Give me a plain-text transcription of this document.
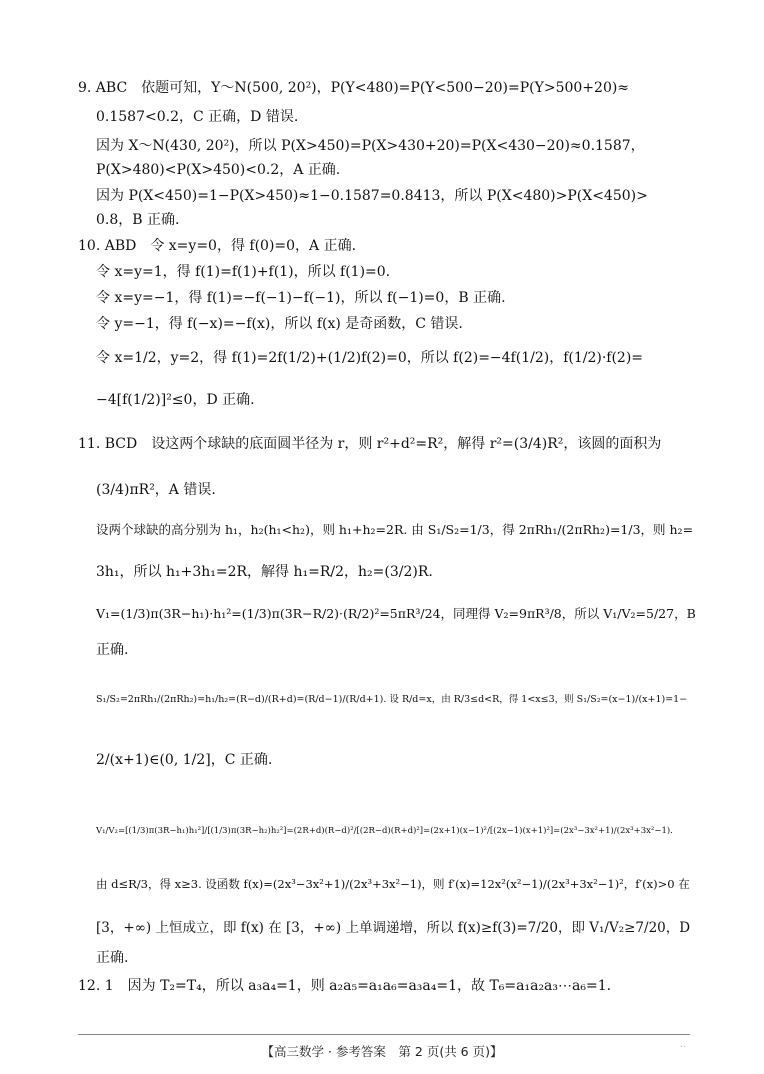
9. ABC　依题可知，Y～N(500, 20²)，P(Y<480)=P(Y<500−20)=P(Y>500+20)≈
0.1587<0.2，C 正确，D 错误.
因为 X～N(430, 20²)，所以 P(X>450)=P(X>430+20)=P(X<430−20)≈0.1587，
P(X>480)<P(X>450)<0.2，A 正确.
因为 P(X<450)=1−P(X>450)≈1−0.1587=0.8413，所以 P(X<480)>P(X<450)>
0.8，B 正确.
10. ABD　令 x=y=0，得 f(0)=0，A 正确.
令 x=y=1，得 f(1)=f(1)+f(1)，所以 f(1)=0.
令 x=y=−1，得 f(1)=−f(−1)−f(−1)，所以 f(−1)=0，B 正确.
令 y=−1，得 f(−x)=−f(x)，所以 f(x) 是奇函数，C 错误.
令 x=1/2，y=2，得 f(1)=2f(1/2)+(1/2)f(2)=0，所以 f(2)=−4f(1/2)，f(1/2)·f(2)=
−4[f(1/2)]²≤0，D 正确.
11. BCD　设这两个球缺的底面圆半径为 r，则 r²+d²=R²，解得 r²=(3/4)R²，该圆的面积为
(3/4)πR²，A 错误.
设两个球缺的高分别为 h₁，h₂(h₁<h₂)，则 h₁+h₂=2R. 由 S₁/S₂=1/3，得 2πRh₁/(2πRh₂)=1/3，则 h₂=
3h₁，所以 h₁+3h₁=2R，解得 h₁=R/2，h₂=(3/2)R.
V₁=(1/3)π(3R−h₁)·h₁²=(1/3)π(3R−R/2)·(R/2)²=5πR³/24，同理得 V₂=9πR³/8，所以 V₁/V₂=5/27，B
正确.
S₁/S₂=2πRh₁/(2πRh₂)=h₁/h₂=(R−d)/(R+d)=(R/d−1)/(R/d+1). 设 R/d=x，由 R/3≤d<R，得 1<x≤3，则 S₁/S₂=(x−1)/(x+1)=1−
2/(x+1)∈(0, 1/2]，C 正确.
V₁/V₂=[(1/3)π(3R−h₁)h₁²]/[(1/3)π(3R−h₂)h₂²]=(2R+d)(R−d)²/[(2R−d)(R+d)²]=(2x+1)(x−1)²/[(2x−1)(x+1)²]=(2x³−3x²+1)/(2x³+3x²−1).
由 d≤R/3，得 x≥3. 设函数 f(x)=(2x³−3x²+1)/(2x³+3x²−1)，则 f′(x)=12x²(x²−1)/(2x³+3x²−1)²，f′(x)>0 在
[3，+∞) 上恒成立，即 f(x) 在 [3，+∞) 上单调递增，所以 f(x)≥f(3)=7/20，即 V₁/V₂≥7/20，D
正确.
12. 1　因为 T₂=T₄，所以 a₃a₄=1，则 a₂a₅=a₁a₆=a₃a₄=1，故 T₆=a₁a₂a₃⋯a₆=1.
【高三数学 · 参考答案　第 2 页(共 6 页)】	··
